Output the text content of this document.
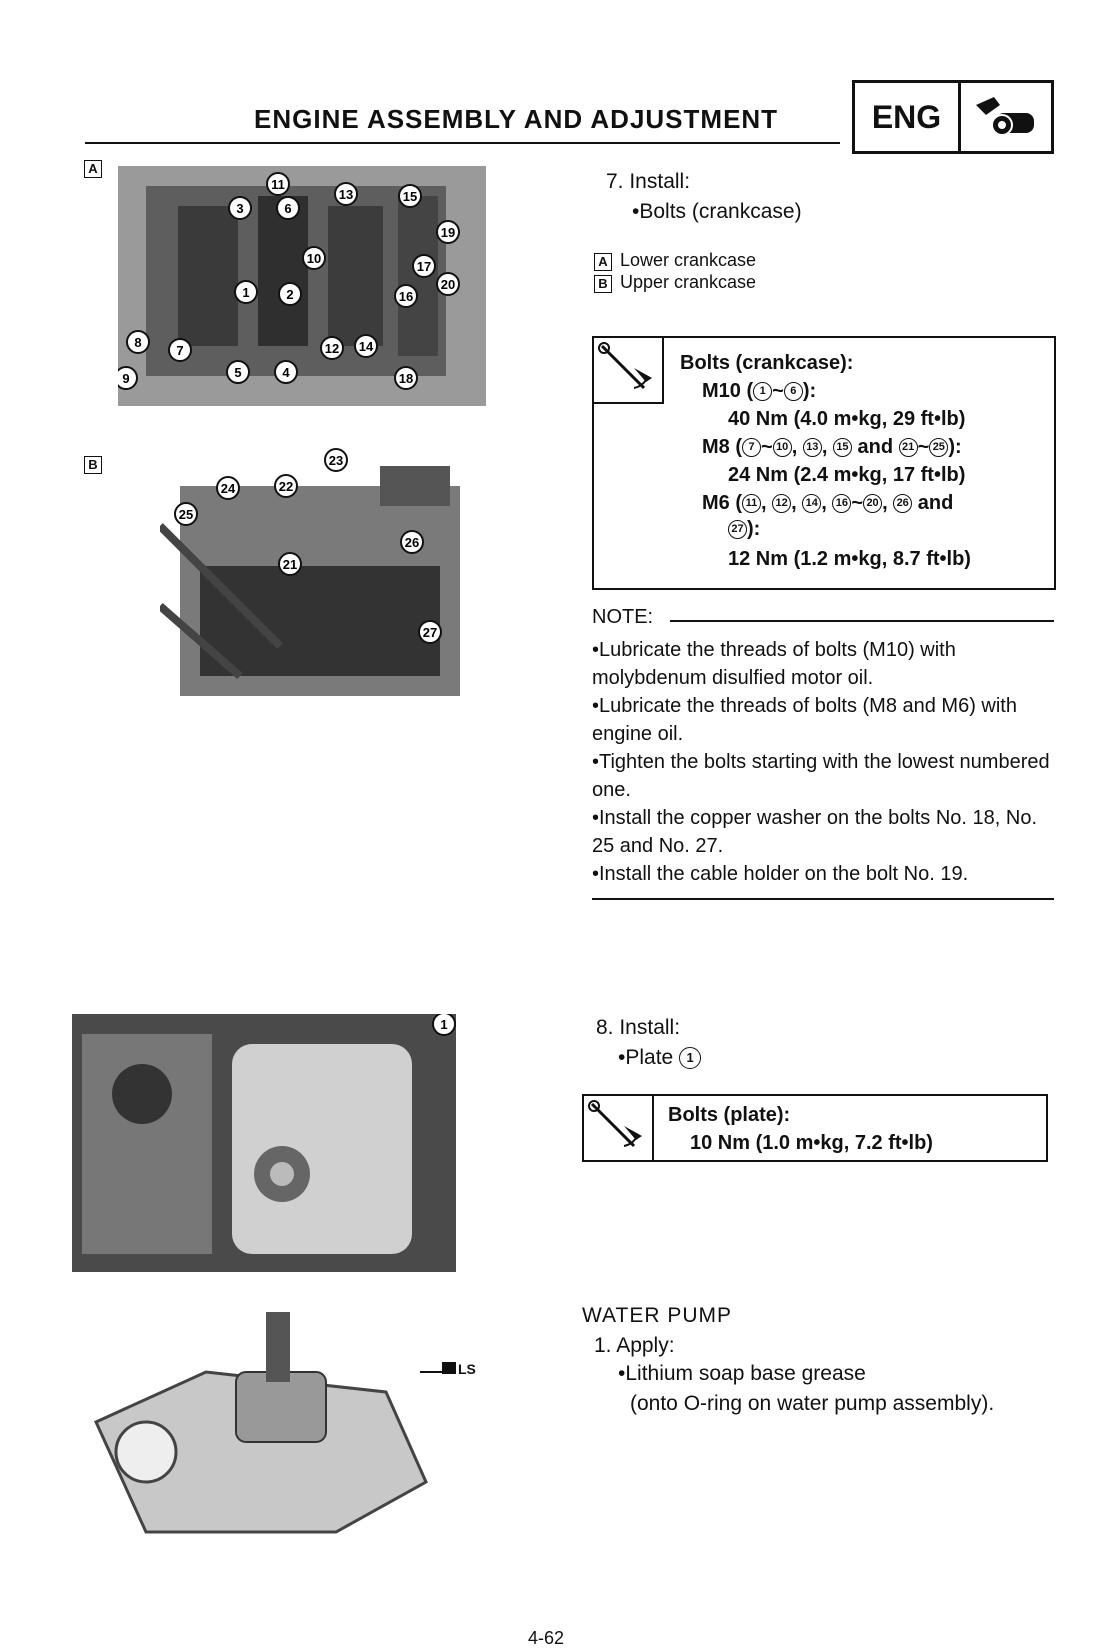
ENGINE ASSEMBLY AND ADJUSTMENT	ENG
A
1	2
3
4
5
6
7
8
9
10
11
12
13
14
15
16
17
18
19
20
B
21
22
23
24
25
26
27
7. Install:
•Bolts (crankcase)
A Lower crankcase
B Upper crankcase
Bolts (crankcase):
M10 ( 1 ~ 6 ):
40 Nm (4.0 m•kg, 29 ft•lb)
M8 ( 7 ~ 10 , 13 , 15 and 21 ~ 25 ):
24 Nm (2.4 m•kg, 17 ft•lb)
M6 ( 11 , 12 , 14 , 16 ~ 20 , 26 and
27 ):
12 Nm (1.2 m•kg, 8.7 ft•lb)
NOTE:
•Lubricate the threads of bolts (M10) with molybdenum disulfied motor oil.
•Lubricate the threads of bolts (M8 and M6) with engine oil.
•Tighten the bolts starting with the lowest numbered one.
•Install the copper washer on the bolts No. 18, No. 25 and No. 27.
•Install the cable holder on the bolt No. 19.
1	8. Install:
•Plate 1
Bolts (plate):
10 Nm (1.0 m•kg, 7.2 ft•lb)
LS
WATER PUMP
1. Apply:
•Lithium soap base grease
(onto O-ring on water pump assembly).
4-62
